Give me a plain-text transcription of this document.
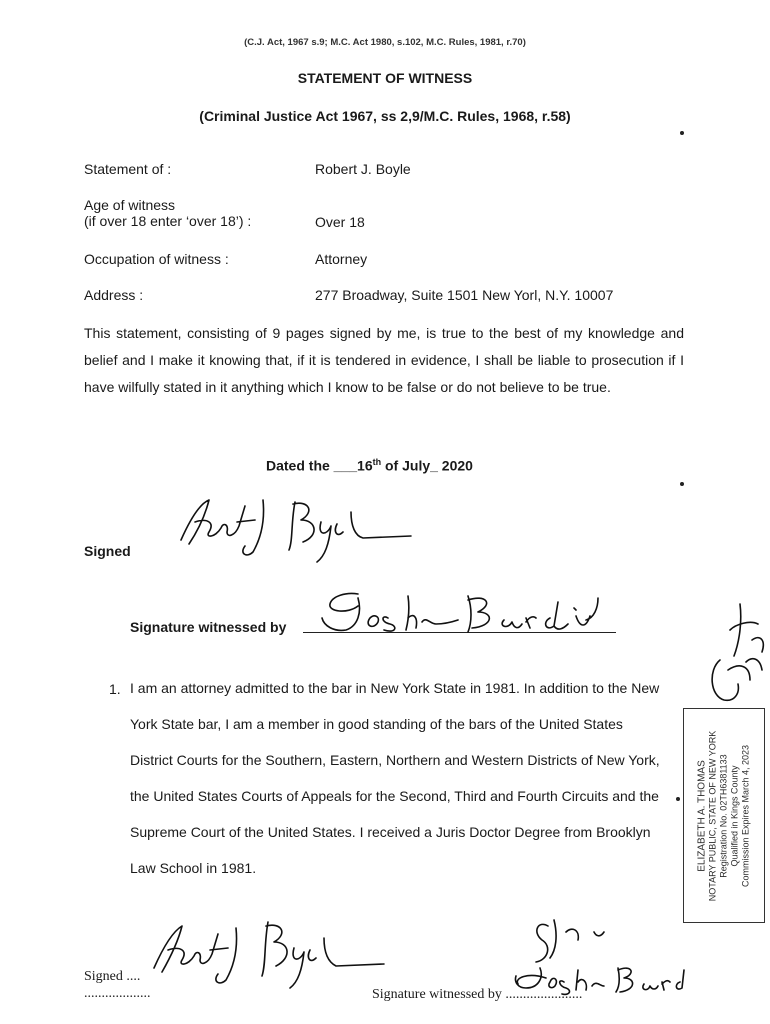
(C.J. Act, 1967 s.9; M.C. Act 1980, s.102, M.C. Rules, 1981, r.70)
STATEMENT OF WITNESS
(Criminal Justice Act 1967, ss 2,9/M.C. Rules, 1968, r.58)
Statement of :	Robert J. Boyle
Age of witness
(if over 18 enter ‘over 18’) :	Over 18
Occupation of witness :	Attorney
Address :	277 Broadway, Suite 1501 New Yorl, N.Y. 10007
This statement, consisting of 9 pages signed by me, is true to the best of my knowledge and belief and I make it knowing that, if it is tendered in evidence, I shall be liable to prosecution if I have wilfully stated in it anything which I know to be false or do not believe to be true.
Dated the ___16th of July_ 2020
Signed
Signature witnessed by
1. I am an attorney admitted to the bar in New York State in 1981. In addition to the New York State bar, I am a member in good standing of the bars of the United States District Courts for the Southern, Eastern, Northern and Western Districts of New York, the United States Courts of Appeals for the Second, Third and Fourth Circuits and the Supreme Court of the United States. I received a Juris Doctor Degree from Brooklyn Law School in 1981.	ELIZABETH A. THOMAS NOTARY PUBLIC, STATE OF NEW YORK Registration No. 02TH6381133 Qualified in Kings County Commission Expires March 4, 2023
Signed ....
...................	Signature witnessed by ......................
